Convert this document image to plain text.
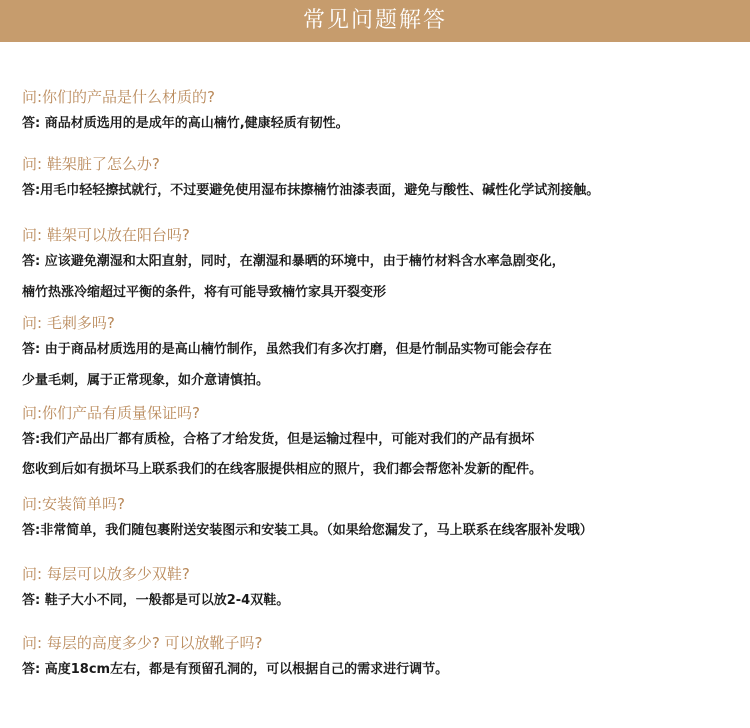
常见问题解答
问:你们的产品是什么材质的?
答: 商品材质选用的是成年的高山楠竹,健康轻质有韧性。
问: 鞋架脏了怎么办?
答:用毛巾轻轻擦拭就行，不过要避免使用湿布抹擦楠竹油漆表面，避免与酸性、碱性化学试剂接触。
问: 鞋架可以放在阳台吗?
答: 应该避免潮湿和太阳直射，同时，在潮湿和暴晒的环境中，由于楠竹材料含水率急剧变化，
楠竹热涨冷缩超过平衡的条件，将有可能导致楠竹家具开裂变形
问: 毛刺多吗?
答: 由于商品材质选用的是高山楠竹制作，虽然我们有多次打磨，但是竹制品实物可能会存在
少量毛刺，属于正常现象，如介意请慎拍。
问:你们产品有质量保证吗?
答:我们产品出厂都有质检，合格了才给发货，但是运输过程中，可能对我们的产品有损坏
您收到后如有损坏马上联系我们的在线客服提供相应的照片，我们都会帮您补发新的配件。
问:安装简单吗?
答:非常简单，我们随包裹附送安装图示和安装工具。（如果给您漏发了，马上联系在线客服补发哦）
问: 每层可以放多少双鞋?
答: 鞋子大小不同，一般都是可以放2-4双鞋。
问: 每层的高度多少? 可以放靴子吗?
答: 高度18cm左右，都是有预留孔洞的，可以根据自己的需求进行调节。
